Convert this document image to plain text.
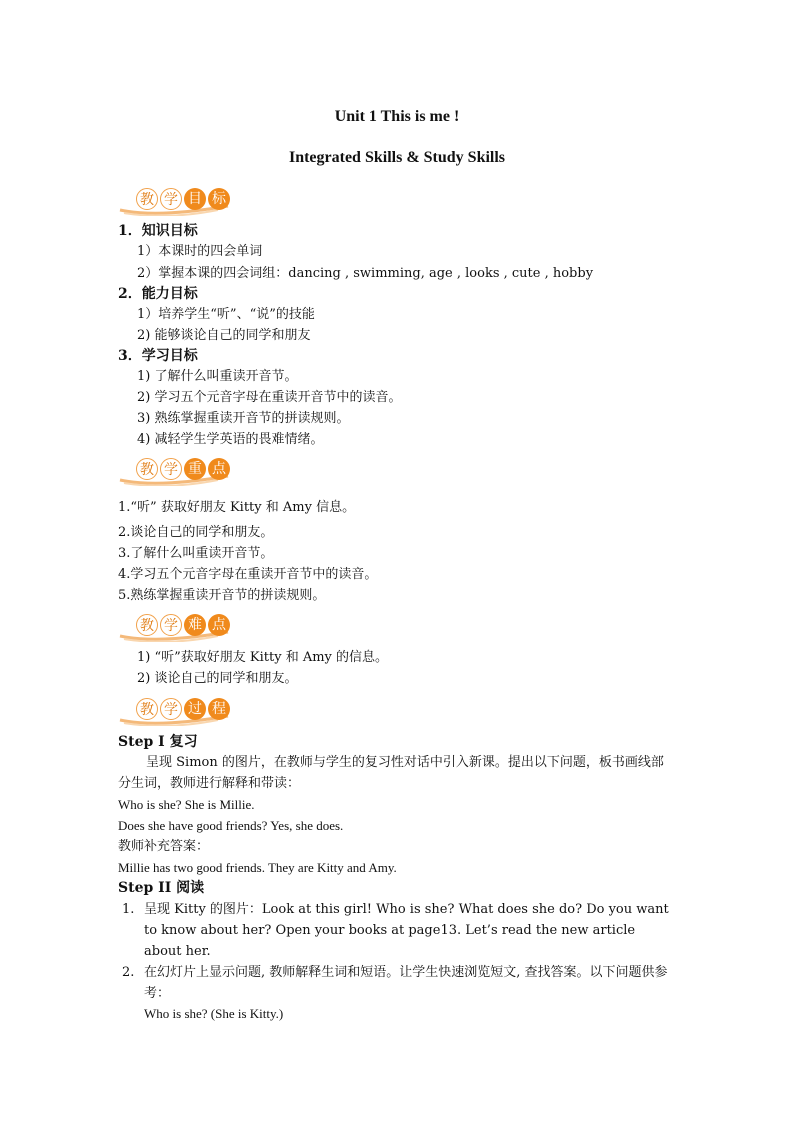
Unit 1 This is me !
Integrated Skills & Study Skills
教 学 目 标
1．知识目标
1）本课时的四会单词
2）掌握本课的四会词组：dancing , swimming, age , looks , cute , hobby
2．能力目标
1）培养学生“听”、“说”的技能
2) 能够谈论自己的同学和朋友
3．学习目标
1) 了解什么叫重读开音节。
2) 学习五个元音字母在重读开音节中的读音。
3) 熟练掌握重读开音节的拼读规则。
4) 减轻学生学英语的畏难情绪。
教 学 重 点
1.“听” 获取好朋友 Kitty 和 Amy 信息。
2.谈论自己的同学和朋友。
3.了解什么叫重读开音节。
4.学习五个元音字母在重读开音节中的读音。
5.熟练掌握重读开音节的拼读规则。
教 学 难 点
1) “听”获取好朋友 Kitty 和 Amy 的信息。
2) 谈论自己的同学和朋友。
教 学 过 程
Step I 复习
呈现 Simon 的图片，在教师与学生的复习性对话中引入新课。提出以下问题，板书画线部分生词，教师进行解释和带读：
Who is she? She is Millie.
Does she have good friends? Yes, she does.
教师补充答案：
Millie has two good friends. They are Kitty and Amy.
Step II 阅读
1. 呈现 Kitty 的图片：Look at this girl! Who is she? What does she do? Do you want to know about her? Open your books at page13. Let’s read the new article about her.
2. 在幻灯片上显示问题, 教师解释生词和短语。让学生快速浏览短文, 查找答案。以下问题供参考：
Who is she? (She is Kitty.)
